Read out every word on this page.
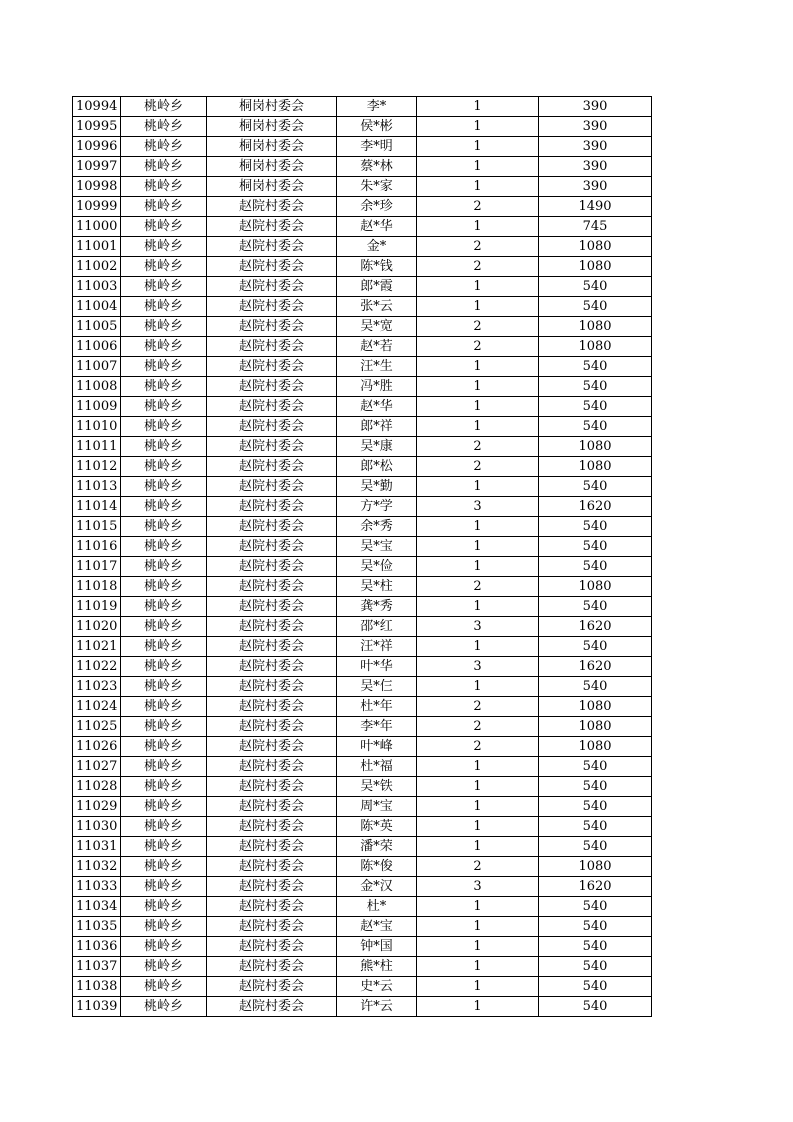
10994	桃岭乡	桐岗村委会	李*	1	390
10995	桃岭乡	桐岗村委会	侯*彬	1	390
10996	桃岭乡	桐岗村委会	李*明	1	390
10997	桃岭乡	桐岗村委会	蔡*林	1	390
10998	桃岭乡	桐岗村委会	朱*家	1	390
10999	桃岭乡	赵院村委会	余*珍	2	1490
11000	桃岭乡	赵院村委会	赵*华	1	745
11001	桃岭乡	赵院村委会	金*	2	1080
11002	桃岭乡	赵院村委会	陈*钱	2	1080
11003	桃岭乡	赵院村委会	郎*霞	1	540
11004	桃岭乡	赵院村委会	张*云	1	540
11005	桃岭乡	赵院村委会	吴*宽	2	1080
11006	桃岭乡	赵院村委会	赵*若	2	1080
11007	桃岭乡	赵院村委会	汪*生	1	540
11008	桃岭乡	赵院村委会	冯*胜	1	540
11009	桃岭乡	赵院村委会	赵*华	1	540
11010	桃岭乡	赵院村委会	郎*祥	1	540
11011	桃岭乡	赵院村委会	吴*康	2	1080
11012	桃岭乡	赵院村委会	郎*松	2	1080
11013	桃岭乡	赵院村委会	吴*勤	1	540
11014	桃岭乡	赵院村委会	方*学	3	1620
11015	桃岭乡	赵院村委会	余*秀	1	540
11016	桃岭乡	赵院村委会	吴*宝	1	540
11017	桃岭乡	赵院村委会	吴*俭	1	540
11018	桃岭乡	赵院村委会	吴*柱	2	1080
11019	桃岭乡	赵院村委会	龚*秀	1	540
11020	桃岭乡	赵院村委会	邵*红	3	1620
11021	桃岭乡	赵院村委会	汪*祥	1	540
11022	桃岭乡	赵院村委会	叶*华	3	1620
11023	桃岭乡	赵院村委会	吴*仨	1	540
11024	桃岭乡	赵院村委会	杜*年	2	1080
11025	桃岭乡	赵院村委会	李*年	2	1080
11026	桃岭乡	赵院村委会	叶*峰	2	1080
11027	桃岭乡	赵院村委会	杜*福	1	540
11028	桃岭乡	赵院村委会	吴*铁	1	540
11029	桃岭乡	赵院村委会	周*宝	1	540
11030	桃岭乡	赵院村委会	陈*英	1	540
11031	桃岭乡	赵院村委会	潘*荣	1	540
11032	桃岭乡	赵院村委会	陈*俊	2	1080
11033	桃岭乡	赵院村委会	金*汉	3	1620
11034	桃岭乡	赵院村委会	杜*	1	540
11035	桃岭乡	赵院村委会	赵*宝	1	540
11036	桃岭乡	赵院村委会	钟*国	1	540
11037	桃岭乡	赵院村委会	熊*柱	1	540
11038	桃岭乡	赵院村委会	史*云	1	540
11039	桃岭乡	赵院村委会	许*云	1	540
